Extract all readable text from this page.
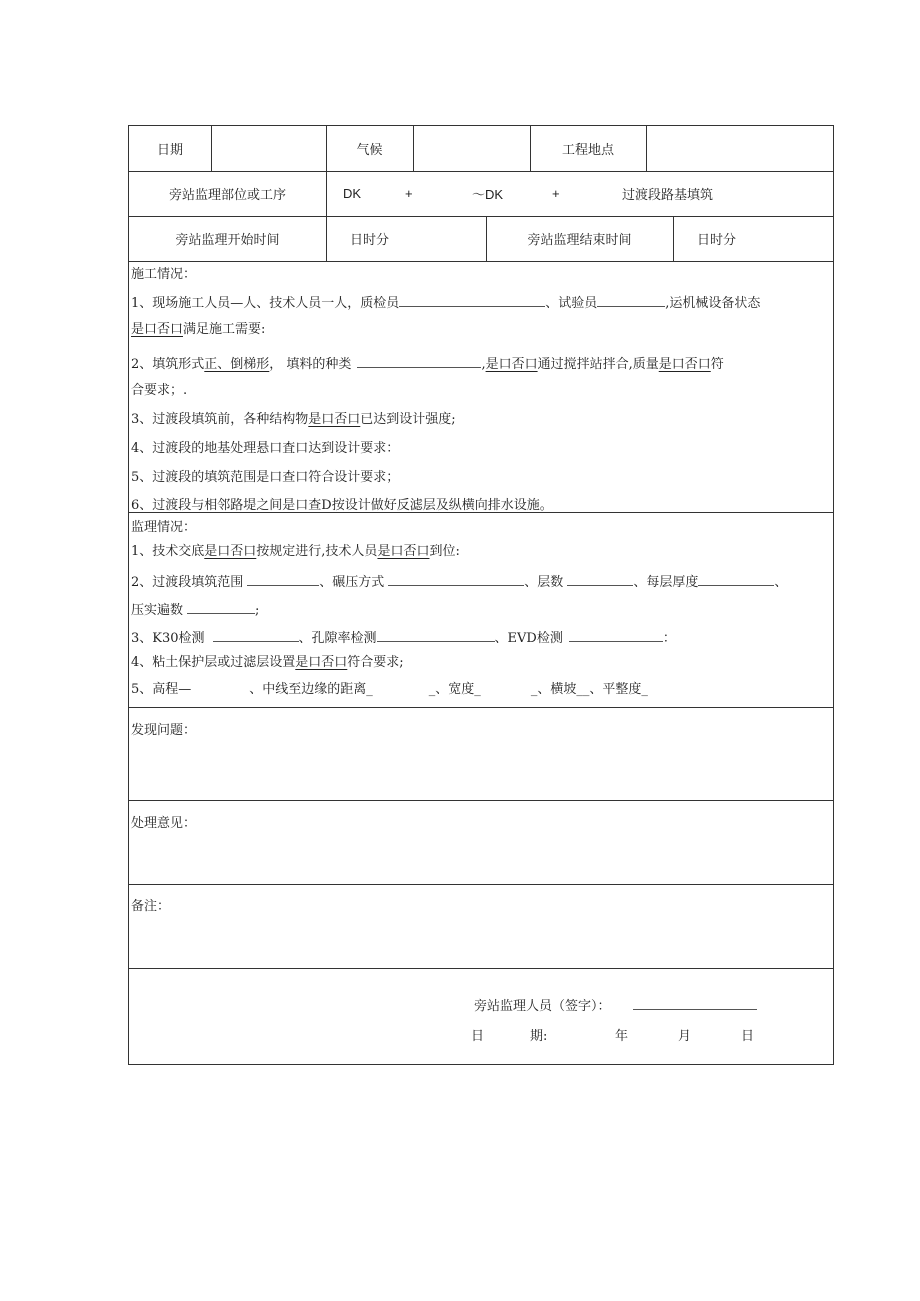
日期	气候	工程地点
旁站监理部位或工序	DK	+	～DK	+	过渡段路基填筑
旁站监理开始时间	日时分	旁站监理结束时间	日时分
施工情况：
1、现场施工人员—人、技术人员一人，质检员	、试验员	,运机械设备状态
是口否口满足施工需要:
2、填筑形式正、倒梯形， 填料的种类	,是口否口通过搅拌站拌合,质量是口否口符
合要求；.
3、过渡段填筑前，各种结构物是口否口已达到设计强度;
4、过渡段的地基处理悬口査口达到设计要求：
5、过渡段的填筑范围是口查口符合设计要求；
6、过渡段与相邻路堤之间是口查D按设计做好反滤层及纵横向排水设施。
监理情况：
1、技术交底是口否口按规定进行,技术人员是口否口到位:
2、过渡段填筑范围	、碾压方式	、层数	、每层厚度	、
压实遍数	;
3、K30检测	、孔隙率检测	、EVD检测	：
4、粘土保护层或过滤层设置是口否口符合要求;
5、高程—	、中线至边缘的距离_	_、宽度_	_、横坡__、平整度_
发现问题：
处理意见：
备注：
旁站监理人员（签字）：
日	期:	年	月	日
